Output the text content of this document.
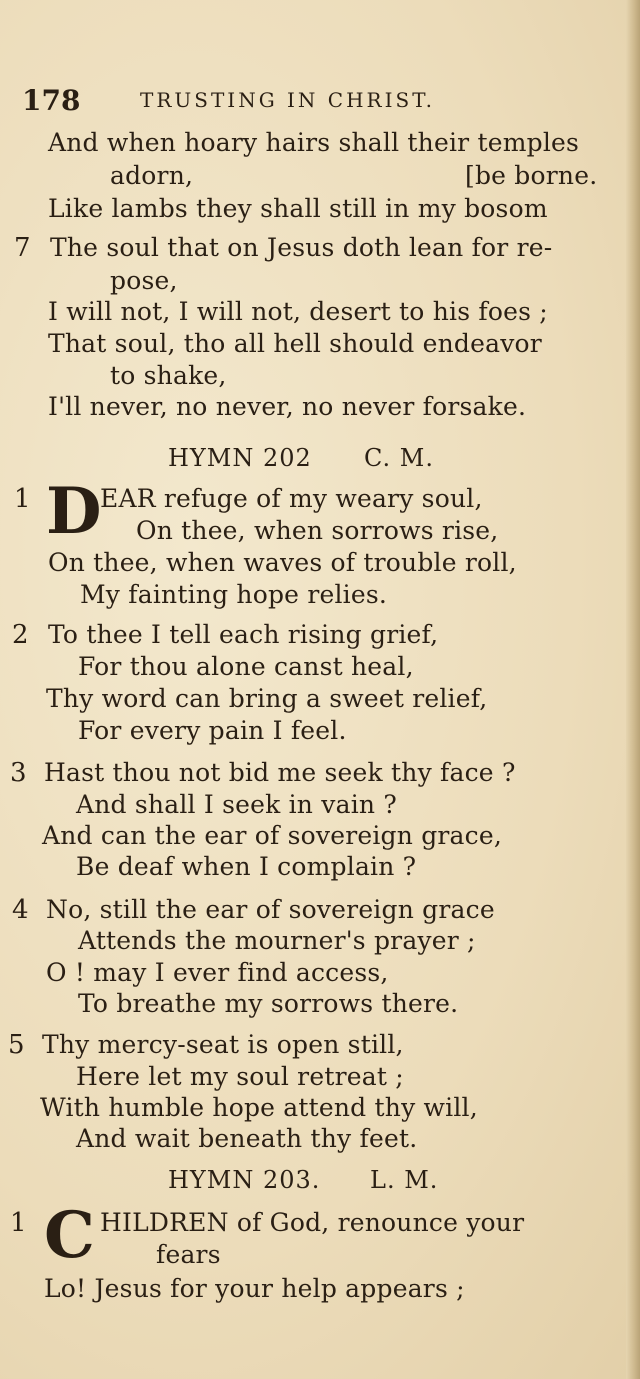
178	TRUSTING IN CHRIST.
And when hoary hairs shall their temples
adorn,	[be borne.
Like lambs they shall still in my bosom
7 The soul that on Jesus doth lean for re-
pose,
I will not, I will not, desert to his foes ;
That soul, tho all hell should endeavor
to shake,
I'll never, no never, no never forsake.
HYMN 202 C. M.
1 D
EAR refuge of my weary soul,
On thee, when sorrows rise,
On thee, when waves of trouble roll,
My fainting hope relies.
2 To thee I tell each rising grief,
For thou alone canst heal,
Thy word can bring a sweet relief,
For every pain I feel.
3 Hast thou not bid me seek thy face ?
And shall I seek in vain ?
And can the ear of sovereign grace,
Be deaf when I complain ?
4 No, still the ear of sovereign grace
Attends the mourner's prayer ;
O ! may I ever find access,
To breathe my sorrows there.
5 Thy mercy-seat is open still,
Here let my soul retreat ;
With humble hope attend thy will,
And wait beneath thy feet.
HYMN 203. L. M.
1 C HILDREN of God, renounce your
fears
Lo! Jesus for your help appears ;
